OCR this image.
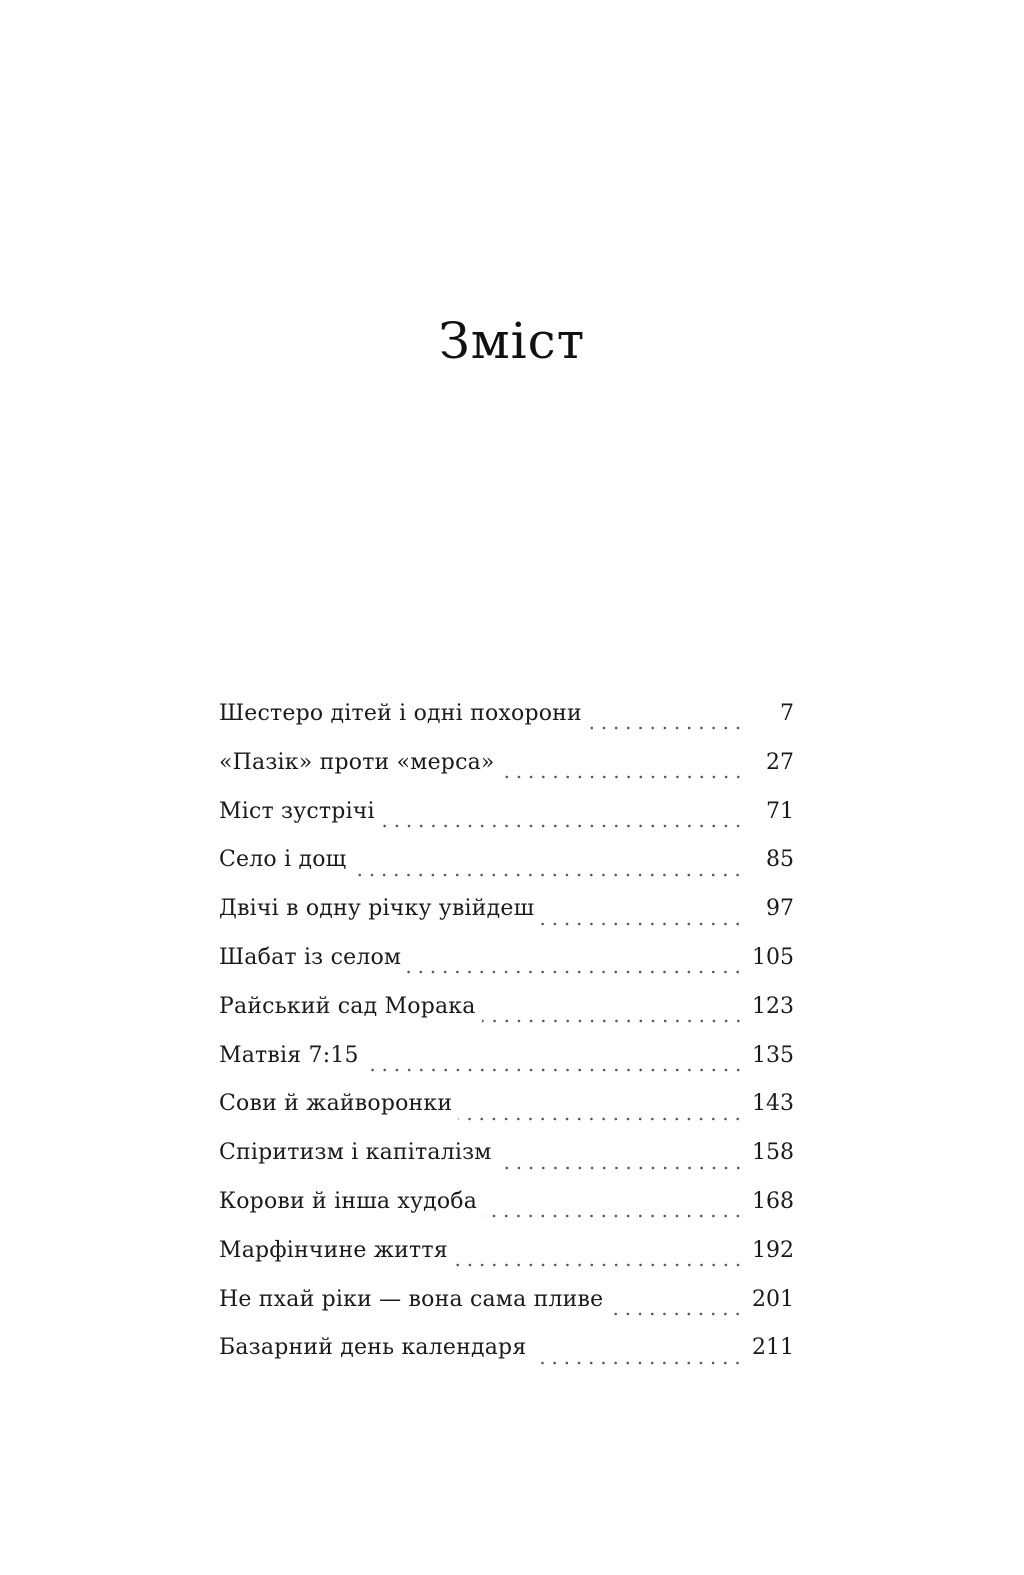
Зміст
Шестеро дітей і одні похорони	7
«Пазік» проти «мерса»	27
Міст зустрічі	71
Село і дощ	85
Двічі в одну річку увійдеш	97
Шабат із селом	105
Райський сад Морака	123
Матвія 7:15	135
Сови й жайворонки	143
Спіритизм і капіталізм	158
Корови й інша худоба	168
Марфінчине життя	192
Не пхай ріки — вона сама пливе	201
Базарний день календаря	211
